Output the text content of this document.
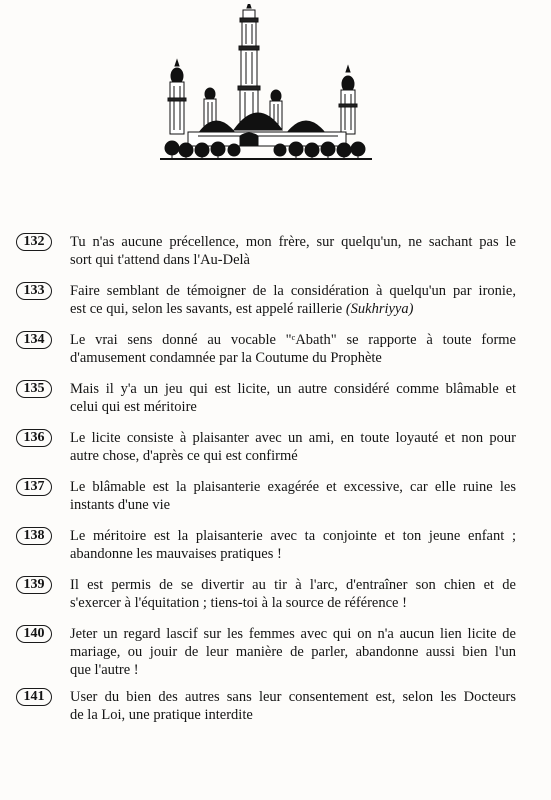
132	Tu n'as aucune précellence, mon frère, sur quelqu'un, ne sachant pas le
sort qui t'attend dans l'Au-Delà
133	Faire semblant de témoigner de la considération à quelqu'un par ironie,
est ce qui, selon les savants, est appelé raillerie (Sukhriyya)
134	Le vrai sens donné au vocable "ᶜAbath" se rapporte à toute forme
d'amusement condamnée par la Coutume du Prophète
135	Mais il y'a un jeu qui est licite, un autre considéré comme blâmable et
celui qui est méritoire
136	Le licite consiste à plaisanter avec un ami, en toute loyauté et non pour
autre chose, d'après ce qui est confirmé
137	Le blâmable est la plaisanterie exagérée et excessive, car elle ruine les
instants d'une vie
138	Le méritoire est la plaisanterie avec ta conjointe et ton jeune enfant ;
abandonne les mauvaises pratiques !
139	Il est permis de se divertir au tir à l'arc, d'entraîner son chien et de
s'exercer à l'équitation ; tiens-toi à la source de référence !
140	Jeter un regard lascif sur les femmes avec qui on n'a aucun lien licite de
mariage, ou jouir de leur manière de parler, abandonne aussi bien l'un
que l'autre !
141	User du bien des autres sans leur consentement est, selon les Docteurs
de la Loi, une pratique interdite
